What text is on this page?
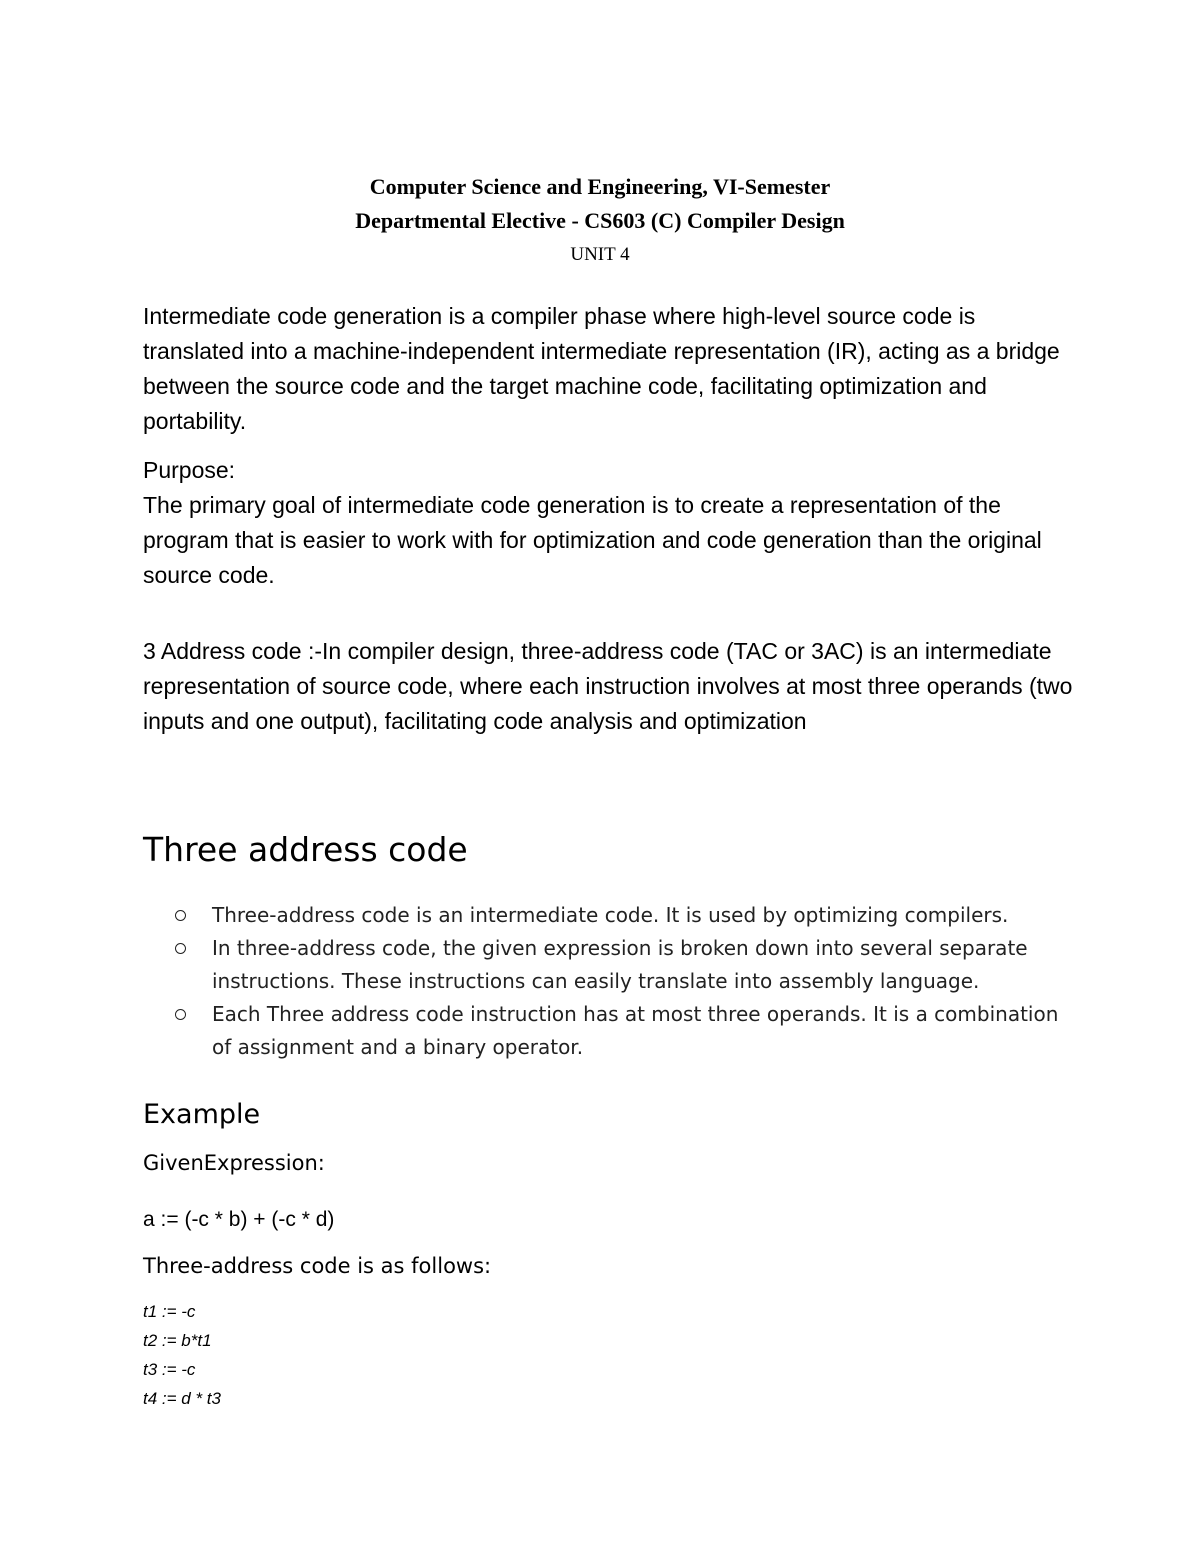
Computer Science and Engineering, VI-Semester
Departmental Elective - CS603 (C) Compiler Design
UNIT 4

Intermediate code generation is a compiler phase where high-level source code is translated into a machine-independent intermediate representation (IR), acting as a bridge between the source code and the target machine code, facilitating optimization and portability.

Purpose:

The primary goal of intermediate code generation is to create a representation of the program that is easier to work with for optimization and code generation than the original source code.

3 Address code :-In compiler design, three-address code (TAC or 3AC) is an intermediate representation of source code, where each instruction involves at most three operands (two inputs and one output), facilitating code analysis and optimization

Three address code
Three-address code is an intermediate code. It is used by optimizing compilers.
In three-address code, the given expression is broken down into several separate instructions. These instructions can easily translate into assembly language.
Each Three address code instruction has at most three operands. It is a combination of assignment and a binary operator.
Example

GivenExpression:

a := (-c * b) + (-c * d)

Three-address code is as follows:

t1 := -c
t2 := b*t1
t3 := -c
t4 := d * t3
